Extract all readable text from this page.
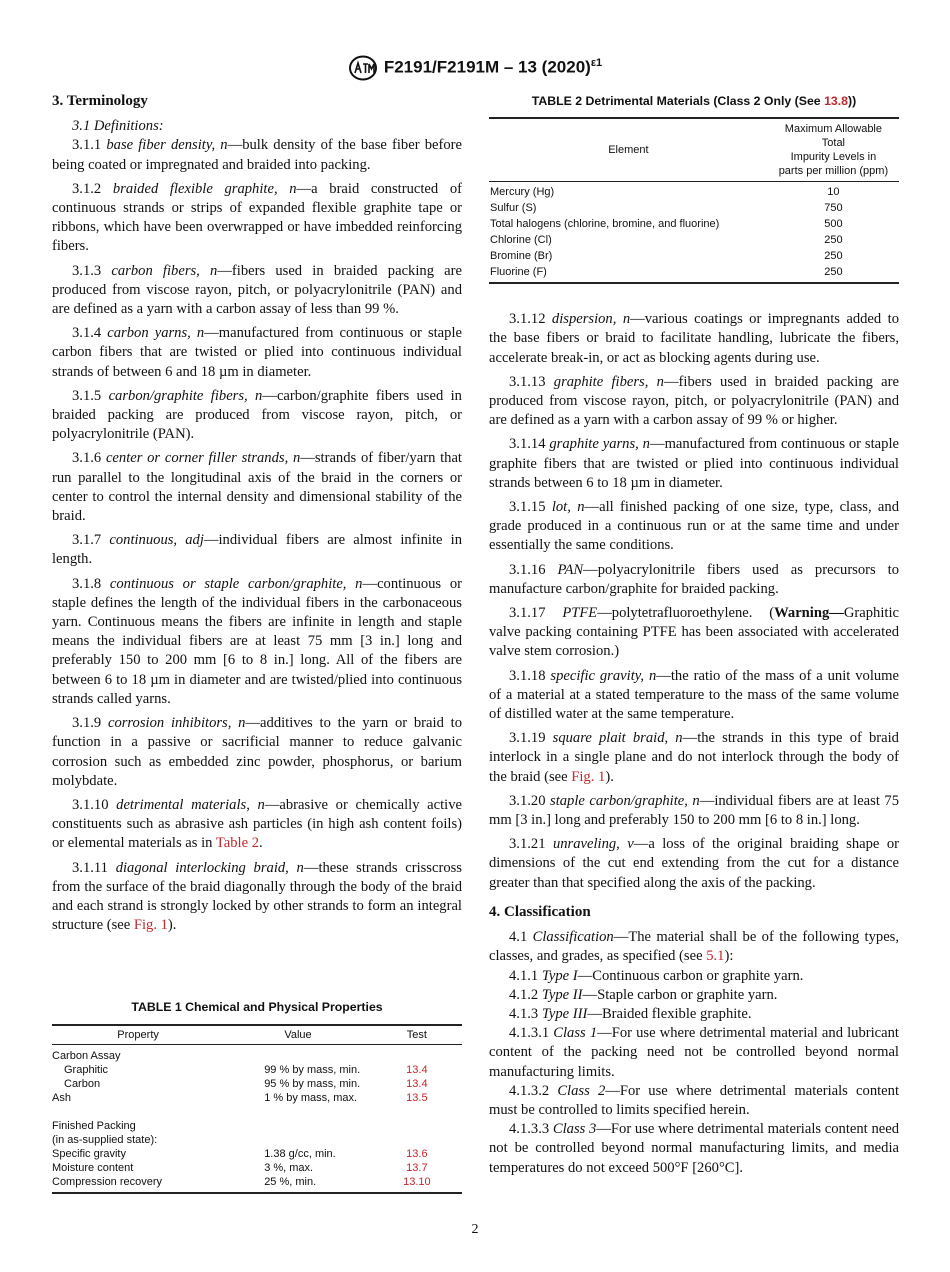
F2191/F2191M – 13 $(2020)^{\varepsilon 1}$
3. Terminology

3.1 Definitions:

3.1.1 base fiber density, n—bulk density of the base fiber before being coated or impregnated and braided into packing.

3.1.2 braided flexible graphite, n—a braid constructed of continuous strands or strips of expanded flexible graphite tape or ribbons, which have been overwrapped or have imbedded reinforcing fibers.

3.1.3 carbon fibers, n—fibers used in braided packing are produced from viscose rayon, pitch, or polyacrylonitrile (PAN) and are defined as a yarn with a carbon assay of less than 99 %.

3.1.4 carbon yarns, n—manufactured from continuous or staple carbon fibers that are twisted or plied into continuous individual strands of between 6 and 18 µm in diameter.

3.1.5 carbon/graphite fibers, n—carbon/graphite fibers used in braided packing are produced from viscose rayon, pitch, or polyacrylonitrile (PAN).

3.1.6 center or corner filler strands, n—strands of fiber/yarn that run parallel to the longitudinal axis of the braid in the corners or center to control the internal density and dimensional stability of the braid.

3.1.7 continuous, adj—individual fibers are almost infinite in length.

3.1.8 continuous or staple carbon/graphite, n—continuous or staple defines the length of the individual fibers in the carbonaceous yarn. Continuous means the fibers are infinite in length and staple means the individual fibers are at least 75 mm [3 in.] long and preferably 150 to 200 mm [6 to 8 in.] long. All of the fibers are between 6 to 18 µm in diameter and are twisted/plied into continuous strands called yarns.

3.1.9 corrosion inhibitors, n—additives to the yarn or braid to function in a passive or sacrificial manner to reduce galvanic corrosion such as embedded zinc powder, phosphorus, or barium molybdate.

3.1.10 detrimental materials, n—abrasive or chemically active constituents such as abrasive ash particles (in high ash content foils) or elemental materials as in Table 2.

3.1.11 diagonal interlocking braid, n—these strands crisscross from the surface of the braid diagonally through the body of the braid and each strand is strongly locked by other strands to form an integral structure (see Fig. 1).

TABLE 1 Chemical and Physical Properties
Property	Value	Test
Carbon Assay		
Graphitic	99 % by mass, min.	13.4
Carbon	95 % by mass, min.	13.4
Ash	1 % by mass, max.	13.5
Finished Packing		
(in as-supplied state):		
Specific gravity	1.38 g/cc, min.	13.6
Moisture content	3 %, max.	13.7
Compression recovery	25 %, min.	13.10
TABLE 2 Detrimental Materials (Class 2 Only (See 13.8))
Element	Maximum Allowable
Total
Impurity Levels in
parts per million (ppm)

Mercury (Hg)	10
Sulfur (S)	750
Total halogens (chlorine, bromine, and fluorine)	500
Chlorine (Cl)	250
Bromine (Br)	250
Fluorine (F)	250

3.1.12 dispersion, n—various coatings or impregnants added to the base fibers or braid to facilitate handling, lubricate the fibers, accelerate break-in, or act as blocking agents during use.

3.1.13 graphite fibers, n—fibers used in braided packing are produced from viscose rayon, pitch, or polyacrylonitrile (PAN) and are defined as a yarn with a carbon assay of 99 % or higher.

3.1.14 graphite yarns, n—manufactured from continuous or staple graphite fibers that are twisted or plied into continuous individual strands between 6 to 18 µm in diameter.

3.1.15 lot, n—all finished packing of one size, type, class, and grade produced in a continuous run or at the same time and under essentially the same conditions.

3.1.16 PAN—polyacrylonitrile fibers used as precursors to manufacture carbon/graphite for braided packing.

3.1.17 PTFE—polytetrafluoroethylene. (Warning—Graphitic valve packing containing PTFE has been associated with accelerated valve stem corrosion.)

3.1.18 specific gravity, n—the ratio of the mass of a unit volume of a material at a stated temperature to the mass of the same volume of distilled water at the same temperature.

3.1.19 square plait braid, n—the strands in this type of braid interlock in a single plane and do not interlock through the body of the braid (see Fig. 1).

3.1.20 staple carbon/graphite, n—individual fibers are at least 75 mm [3 in.] long and preferably 150 to 200 mm [6 to 8 in.] long.

3.1.21 unraveling, v—a loss of the original braiding shape or dimensions of the cut end extending from the cut for a distance greater than that specified along the axis of the packing.

4. Classification

4.1 Classification—The material shall be of the following types, classes, and grades, as specified (see 5.1):

4.1.1 Type I—Continuous carbon or graphite yarn.

4.1.2 Type II—Staple carbon or graphite yarn.

4.1.3 Type III—Braided flexible graphite.

4.1.3.1 Class 1—For use where detrimental material and lubricant content of the packing need not be controlled beyond normal manufacturing limits.

4.1.3.2 Class 2—For use where detrimental materials content must be controlled to limits specified herein.

4.1.3.3 Class 3—For use where detrimental materials content need not be controlled beyond normal manufacturing limits, and media temperatures do not exceed 500°F [260°C].

2
